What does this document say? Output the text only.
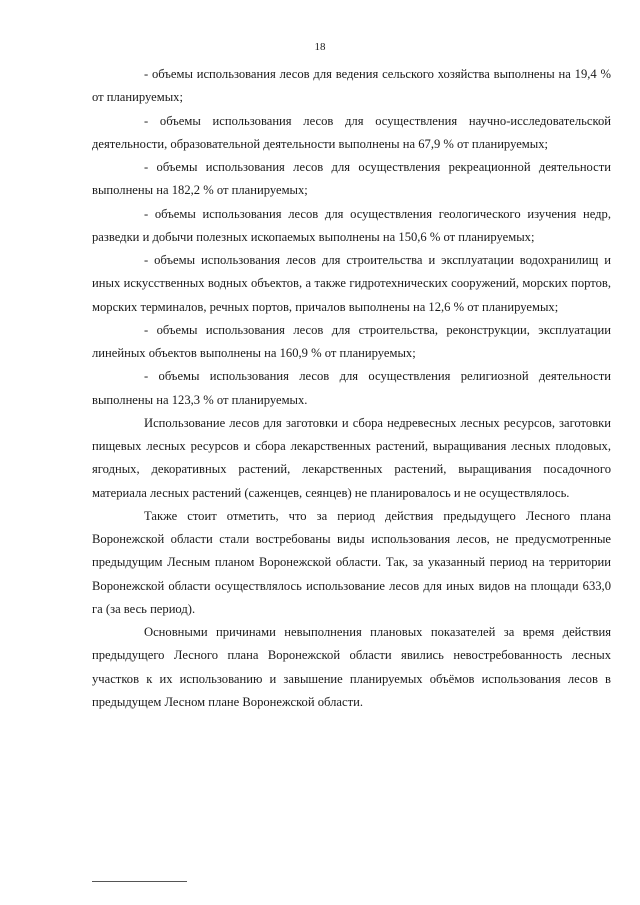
18

- объемы использования лесов для ведения сельского хозяйства выполнены на 19,4 % от планируемых;

- объемы использования лесов для осуществления научно-исследовательской деятельности, образовательной деятельности выполнены на 67,9 % от планируемых;

- объемы использования лесов для осуществления рекреационной деятельности выполнены на 182,2 % от планируемых;

- объемы использования лесов для осуществления геологического изучения недр, разведки и добычи полезных ископаемых выполнены на 150,6 % от планируемых;

- объемы использования лесов для строительства и эксплуатации водохранилищ и иных искусственных водных объектов, а также гидротехнических сооружений, морских портов, морских терминалов, речных портов, причалов выполнены на 12,6 % от планируемых;

- объемы использования лесов для строительства, реконструкции, эксплуатации линейных объектов выполнены на 160,9 % от планируемых;

- объемы использования лесов для осуществления религиозной деятельности выполнены на 123,3 % от планируемых.

Использование лесов для заготовки и сбора недревесных лесных ресурсов, заготовки пищевых лесных ресурсов и сбора лекарственных растений, выращивания лесных плодовых, ягодных, декоративных растений, лекарственных растений, выращивания посадочного материала лесных растений (саженцев, сеянцев) не планировалось и не осуществлялось.

Также стоит отметить, что за период действия предыдущего Лесного плана Воронежской области стали востребованы виды использования лесов, не предусмотренные предыдущим Лесным планом Воронежской области. Так, за указанный период на территории Воронежской области осуществлялось использование лесов для иных видов на площади 633,0 га (за весь период).

Основными причинами невыполнения плановых показателей за время действия предыдущего Лесного плана Воронежской области явились невостребованность лесных участков к их использованию и завышение планируемых объёмов использования лесов в предыдущем Лесном плане Воронежской области.
